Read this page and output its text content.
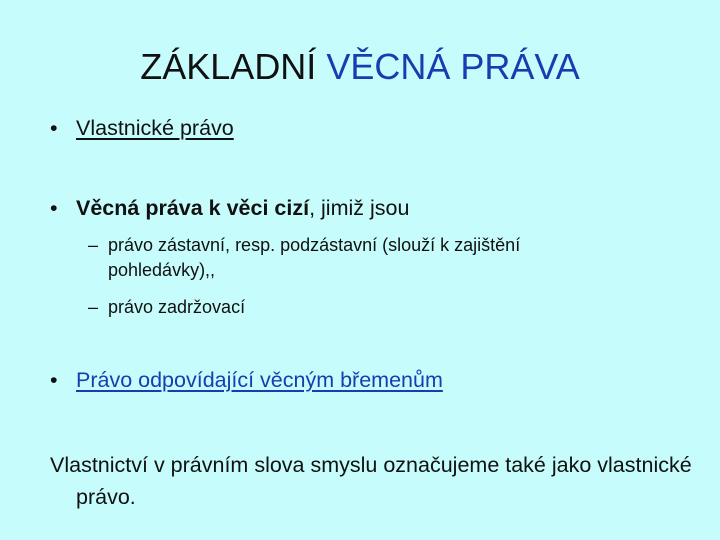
ZÁKLADNÍ VĚCNÁ PRÁVA
• Vlastnické právo
• Věcná práva k věci cizí, jimiž jsou
– právo zástavní, resp. podzástavní (slouží k zajištění pohledávky),,
– právo zadržovací
• Právo odpovídající věcným břemenům
Vlastnictví v právním slova smyslu označujeme také jako vlastnické právo.
